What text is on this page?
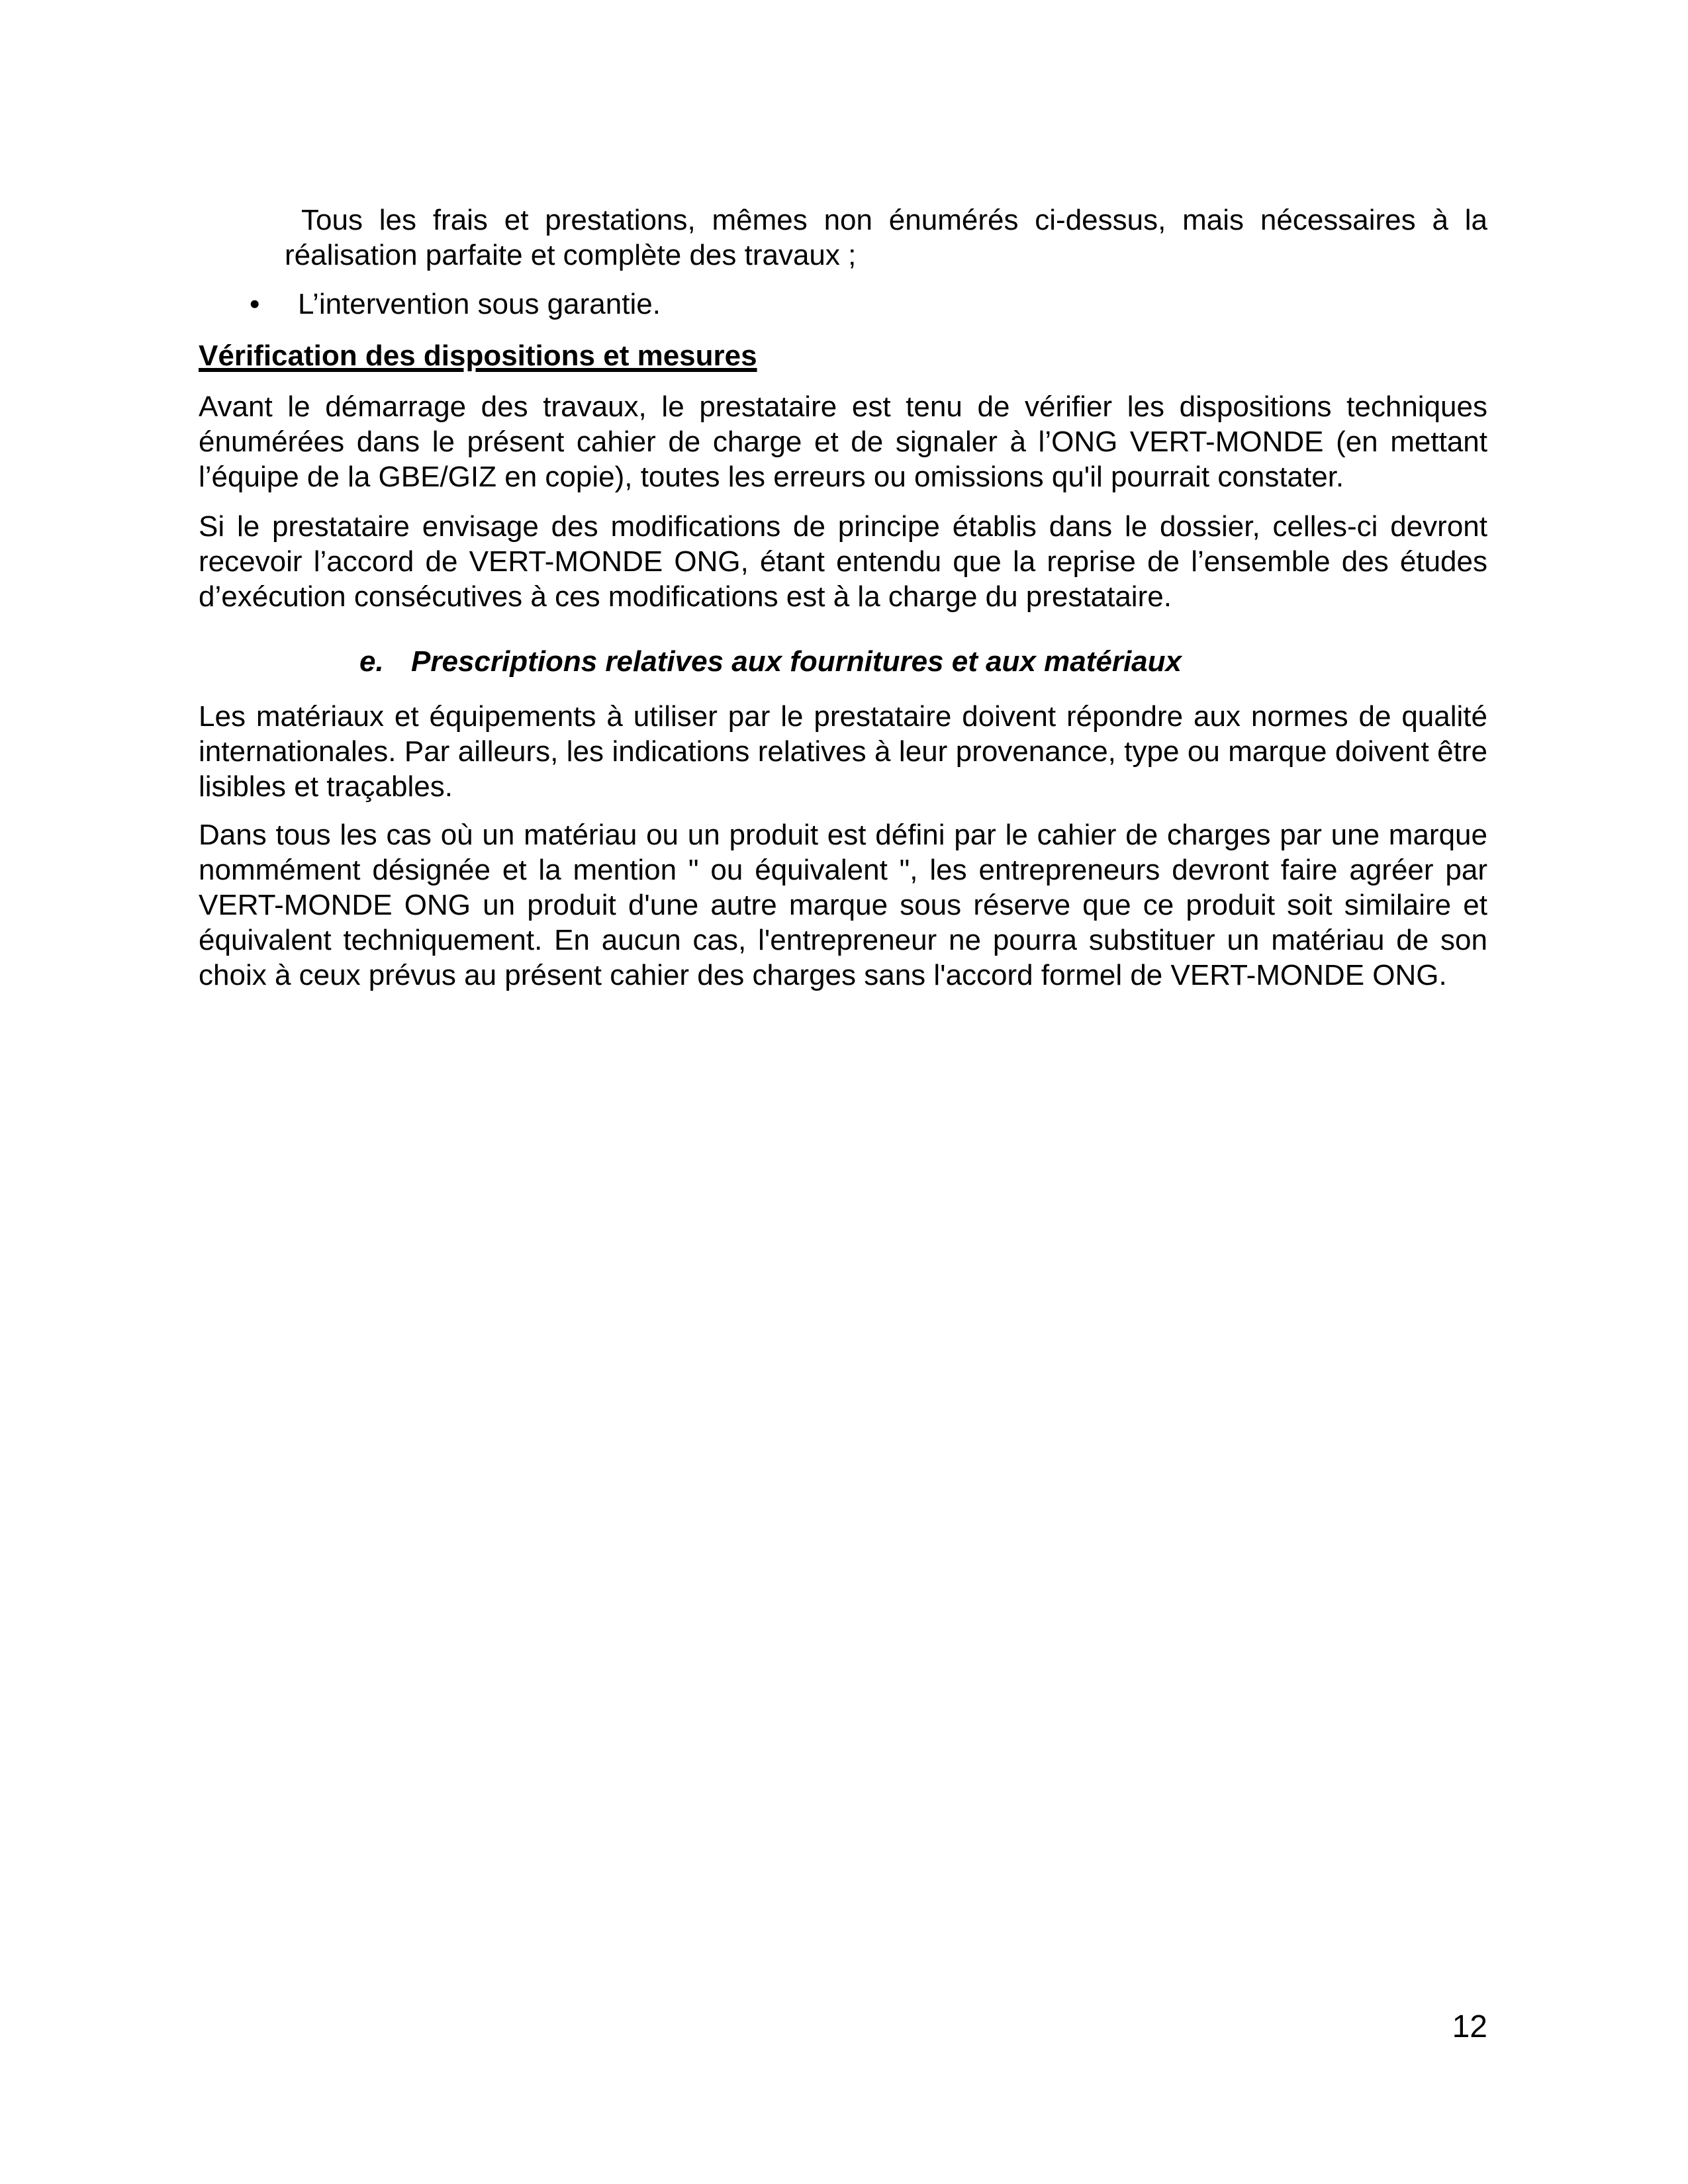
Tous les frais et prestations, mêmes non énumérés ci-dessus, mais nécessaires à la réalisation parfaite et complète des travaux ;

• L’intervention sous garantie.

Vérification des dispositions et mesures

Avant le démarrage des travaux, le prestataire est tenu de vérifier les dispositions techniques énumérées dans le présent cahier de charge et de signaler à l’ONG VERT-MONDE (en mettant l’équipe de la GBE/GIZ en copie), toutes les erreurs ou omissions qu'il pourrait constater.

Si le prestataire envisage des modifications de principe établis dans le dossier, celles-ci devront recevoir l’accord de VERT-MONDE ONG, étant entendu que la reprise de l’ensemble des études d’exécution consécutives à ces modifications est à la charge du prestataire.

e. Prescriptions relatives aux fournitures et aux matériaux

Les matériaux et équipements à utiliser par le prestataire doivent répondre aux normes de qualité internationales. Par ailleurs, les indications relatives à leur provenance, type ou marque doivent être lisibles et traçables.

Dans tous les cas où un matériau ou un produit est défini par le cahier de charges par une marque nommément désignée et la mention " ou équivalent ", les entrepreneurs devront faire agréer par VERT-MONDE ONG un produit d'une autre marque sous réserve que ce produit soit similaire et équivalent techniquement. En aucun cas, l'entrepreneur ne pourra substituer un matériau de son choix à ceux prévus au présent cahier des charges sans l'accord formel de VERT-MONDE ONG.

12
